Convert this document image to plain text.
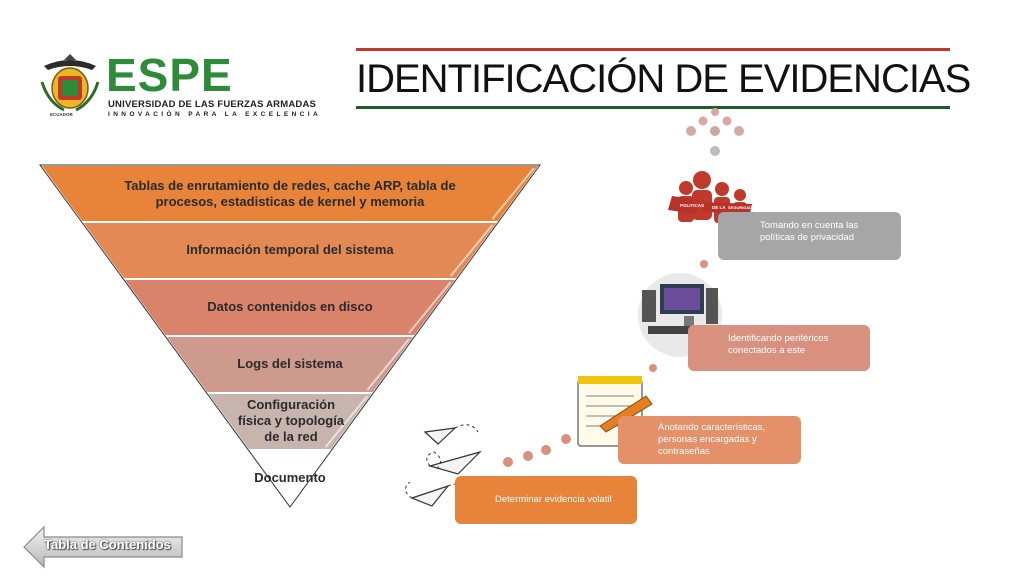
ESPE
UNIVERSIDAD DE LAS FUERZAS ARMADAS
INNOVACIÓN PARA LA EXCELENCIA
ECUADOR
IDENTIFICACIÓN DE EVIDENCIAS
Tablas de enrutamiento de redes, cache ARP, tabla de procesos, estadisticas de kernel y memoria
Información temporal del sistema
Datos contenidos en disco
Logs del sistema
Configuración física y topología de la red
Documento
POLITICAS DE LA SEGURIDAD
Tomando en cuenta las políticas de privacidad
Identificando periféricos conectados a este
Anotando características, personas encargadas y contraseñas
Determinar evidencia volatil
Tabla de Contenidos
